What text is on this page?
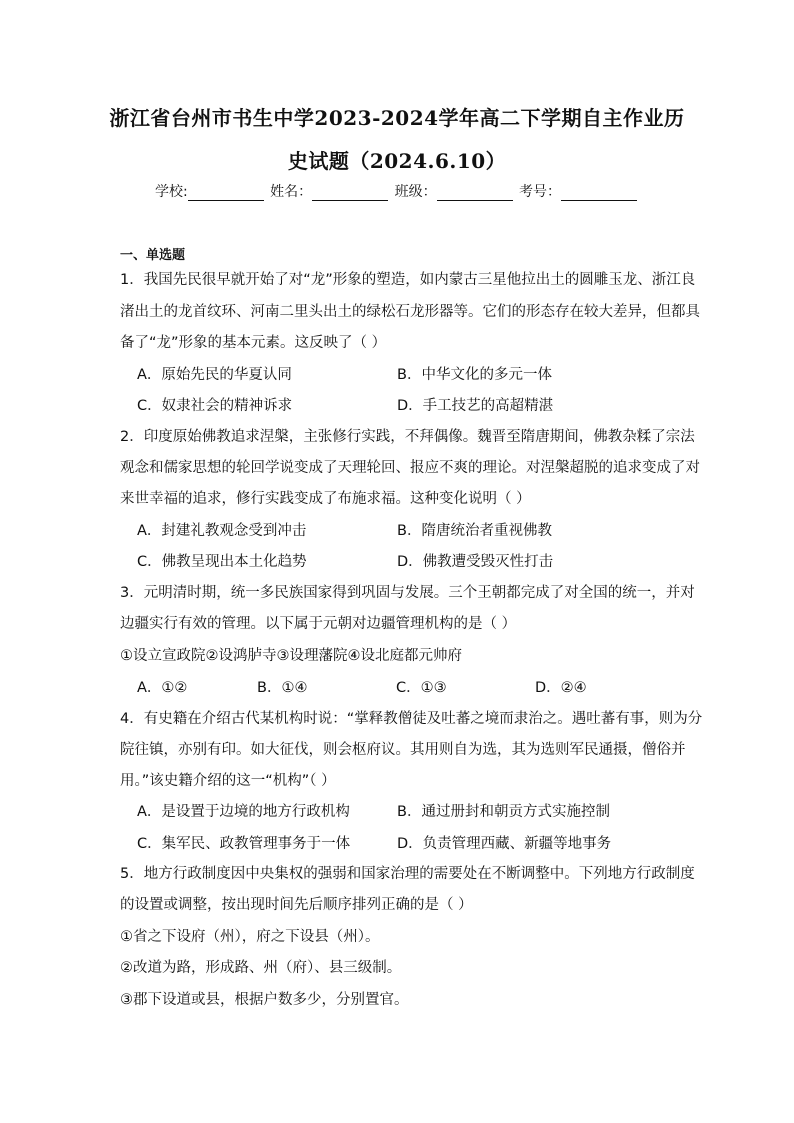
浙江省台州市书生中学2023-2024学年高二下学期自主作业历
史试题（2024.6.10）
学校:	姓名：	班级：	考号：
一、单选题
1．我国先民很早就开始了对“龙”形象的塑造，如内蒙古三星他拉出土的圆雕玉龙、浙江良
渚出土的龙首纹环、河南二里头出土的绿松石龙形器等。它们的形态存在较大差异，但都具
备了“龙”形象的基本元素。这反映了（ ）
A．原始先民的华夏认同	B．中华文化的多元一体
C．奴隶社会的精神诉求	D．手工技艺的高超精湛
2．印度原始佛教追求涅槃，主张修行实践，不拜偶像。魏晋至隋唐期间，佛教杂糅了宗法
观念和儒家思想的轮回学说变成了天理轮回、报应不爽的理论。对涅槃超脱的追求变成了对
来世幸福的追求，修行实践变成了布施求福。这种变化说明（ ）
A．封建礼教观念受到冲击	B．隋唐统治者重视佛教
C．佛教呈现出本土化趋势	D．佛教遭受毁灭性打击
3．元明清时期，统一多民族国家得到巩固与发展。三个王朝都完成了对全国的统一，并对
边疆实行有效的管理。以下属于元朝对边疆管理机构的是（ ）
①设立宣政院②设鸿胪寺③设理藩院④设北庭都元帅府
A．①②	B．①④	C．①③	D．②④
4．有史籍在介绍古代某机构时说：“掌释教僧徒及吐蕃之境而隶治之。遇吐蕃有事，则为分
院往镇，亦别有印。如大征伐，则会枢府议。其用则自为选，其为选则军民通摄，僧俗并
用。”该史籍介绍的这一“机构”（ ）
A．是设置于边境的地方行政机构	B．通过册封和朝贡方式实施控制
C．集军民、政教管理事务于一体	D．负责管理西藏、新疆等地事务
5．地方行政制度因中央集权的强弱和国家治理的需要处在不断调整中。下列地方行政制度
的设置或调整，按出现时间先后顺序排列正确的是（ ）
①省之下设府（州），府之下设县（州）。
②改道为路，形成路、州（府）、县三级制。
③郡下设道或县，根据户数多少，分别置官。
